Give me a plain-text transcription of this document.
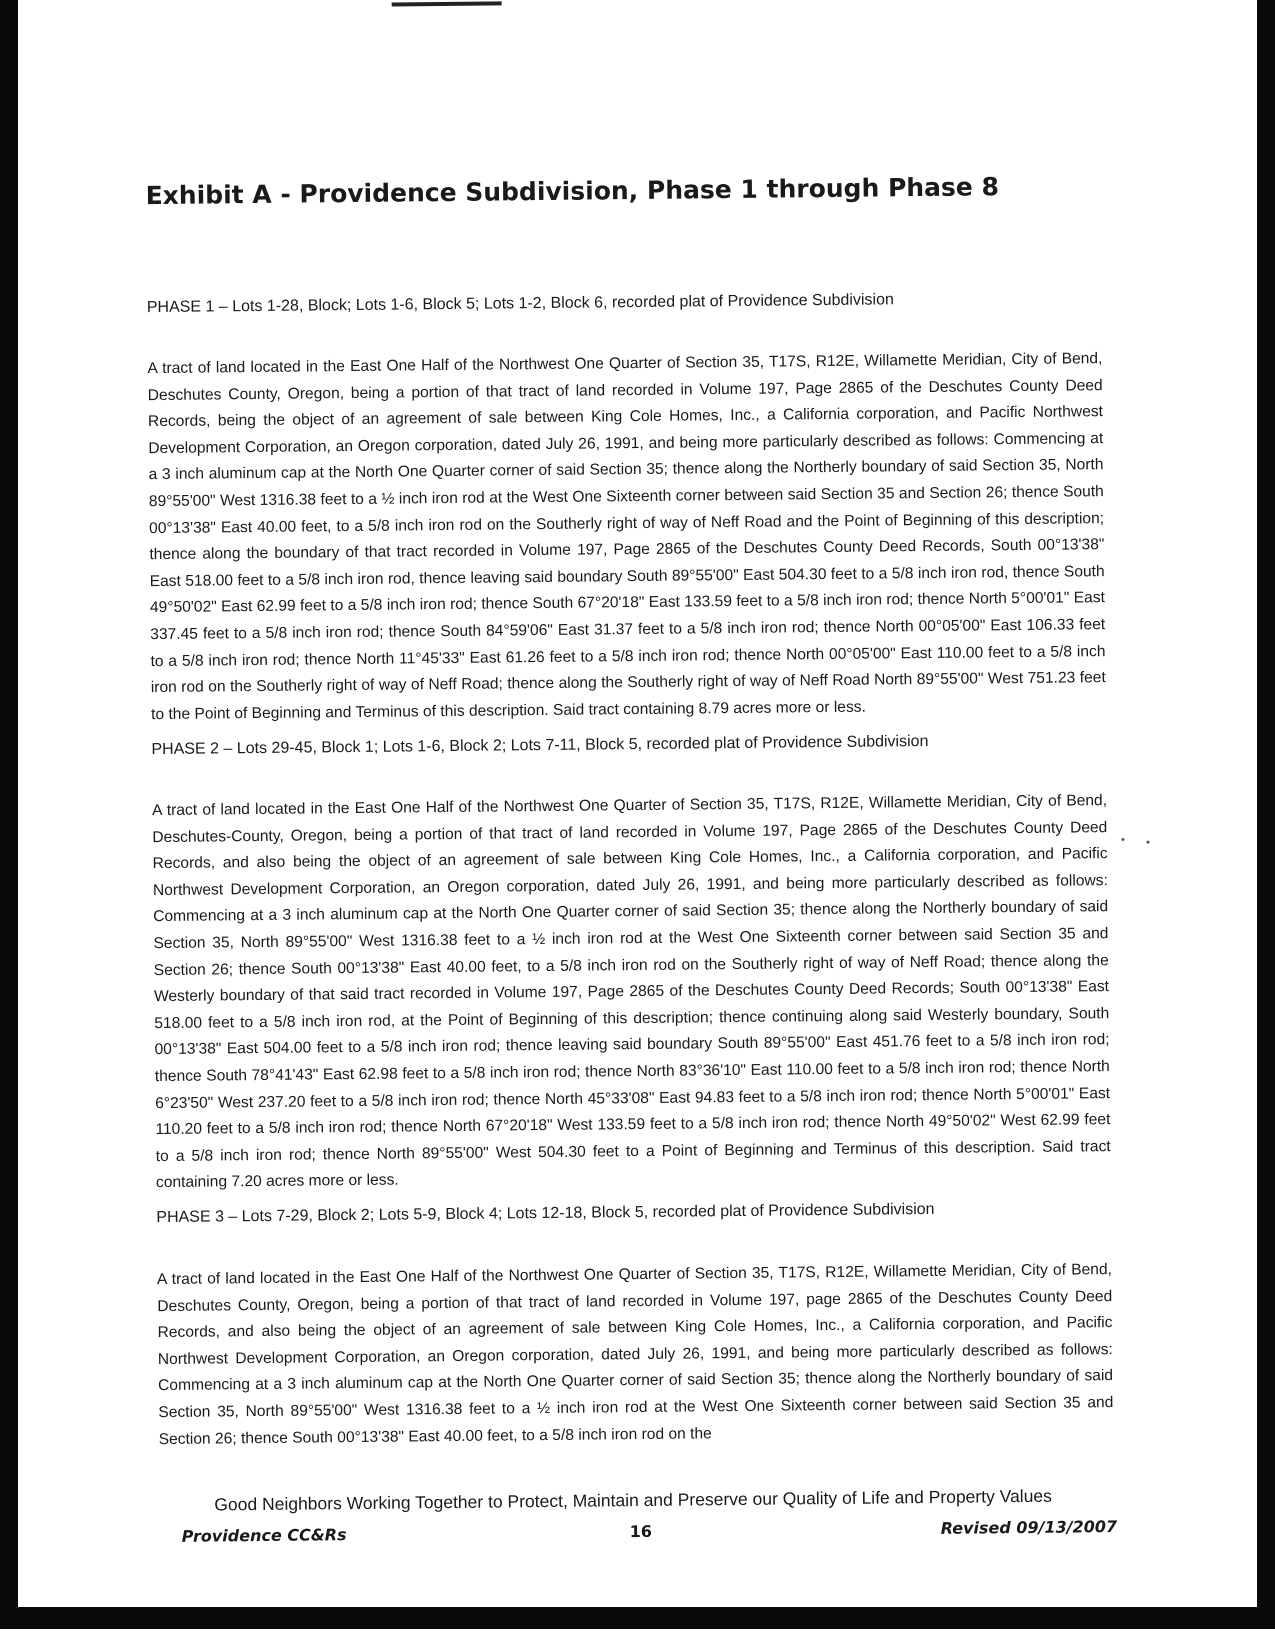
Exhibit A - Providence Subdivision, Phase 1 through Phase 8

PHASE 1 – Lots 1-28, Block; Lots 1-6, Block 5; Lots 1-2, Block 6, recorded plat of Providence Subdivision

A tract of land located in the East One Half of the Northwest One Quarter of Section 35, T17S, R12E, Willamette Meridian, City of Bend, Deschutes County, Oregon, being a portion of that tract of land recorded in Volume 197, Page 2865 of the Deschutes County Deed Records, being the object of an agreement of sale between King Cole Homes, Inc., a California corporation, and Pacific Northwest Development Corporation, an Oregon corporation, dated July 26, 1991, and being more particularly described as follows: Commencing at a 3 inch aluminum cap at the North One Quarter corner of said Section 35; thence along the Northerly boundary of said Section 35, North 89°55'00" West 1316.38 feet to a ½ inch iron rod at the West One Sixteenth corner between said Section 35 and Section 26; thence South 00°13'38" East 40.00 feet, to a 5/8 inch iron rod on the Southerly right of way of Neff Road and the Point of Beginning of this description; thence along the boundary of that tract recorded in Volume 197, Page 2865 of the Deschutes County Deed Records, South 00°13'38" East 518.00 feet to a 5/8 inch iron rod, thence leaving said boundary South 89°55'00" East 504.30 feet to a 5/8 inch iron rod, thence South 49°50'02" East 62.99 feet to a 5/8 inch iron rod; thence South 67°20'18" East 133.59 feet to a 5/8 inch iron rod; thence North 5°00'01" East 337.45 feet to a 5/8 inch iron rod; thence South 84°59'06" East 31.37 feet to a 5/8 inch iron rod; thence North 00°05'00" East 106.33 feet to a 5/8 inch iron rod; thence North 11°45'33" East 61.26 feet to a 5/8 inch iron rod; thence North 00°05'00" East 110.00 feet to a 5/8 inch iron rod on the Southerly right of way of Neff Road; thence along the Southerly right of way of Neff Road North 89°55'00" West 751.23 feet to the Point of Beginning and Terminus of this description. Said tract containing 8.79 acres more or less.

PHASE 2 – Lots 29-45, Block 1; Lots 1-6, Block 2; Lots 7-11, Block 5, recorded plat of Providence Subdivision

A tract of land located in the East One Half of the Northwest One Quarter of Section 35, T17S, R12E, Willamette Meridian, City of Bend, Deschutes-County, Oregon, being a portion of that tract of land recorded in Volume 197, Page 2865 of the Deschutes County Deed Records, and also being the object of an agreement of sale between King Cole Homes, Inc., a California corporation, and Pacific Northwest Development Corporation, an Oregon corporation, dated July 26, 1991, and being more particularly described as follows: Commencing at a 3 inch aluminum cap at the North One Quarter corner of said Section 35; thence along the Northerly boundary of said Section 35, North 89°55'00" West 1316.38 feet to a ½ inch iron rod at the West One Sixteenth corner between said Section 35 and Section 26; thence South 00°13'38" East 40.00 feet, to a 5/8 inch iron rod on the Southerly right of way of Neff Road; thence along the Westerly boundary of that said tract recorded in Volume 197, Page 2865 of the Deschutes County Deed Records; South 00°13'38" East 518.00 feet to a 5/8 inch iron rod, at the Point of Beginning of this description; thence continuing along said Westerly boundary, South 00°13'38" East 504.00 feet to a 5/8 inch iron rod; thence leaving said boundary South 89°55'00" East 451.76 feet to a 5/8 inch iron rod; thence South 78°41'43" East 62.98 feet to a 5/8 inch iron rod; thence North 83°36'10" East 110.00 feet to a 5/8 inch iron rod; thence North 6°23'50" West 237.20 feet to a 5/8 inch iron rod; thence North 45°33'08" East 94.83 feet to a 5/8 inch iron rod; thence North 5°00'01" East 110.20 feet to a 5/8 inch iron rod; thence North 67°20'18" West 133.59 feet to a 5/8 inch iron rod; thence North 49°50'02" West 62.99 feet to a 5/8 inch iron rod; thence North 89°55'00" West 504.30 feet to a Point of Beginning and Terminus of this description. Said tract containing 7.20 acres more or less.

PHASE 3 – Lots 7-29, Block 2; Lots 5-9, Block 4; Lots 12-18, Block 5, recorded plat of Providence Subdivision

A tract of land located in the East One Half of the Northwest One Quarter of Section 35, T17S, R12E, Willamette Meridian, City of Bend, Deschutes County, Oregon, being a portion of that tract of land recorded in Volume 197, page 2865 of the Deschutes County Deed Records, and also being the object of an agreement of sale between King Cole Homes, Inc., a California corporation, and Pacific Northwest Development Corporation, an Oregon corporation, dated July 26, 1991, and being more particularly described as follows: Commencing at a 3 inch aluminum cap at the North One Quarter corner of said Section 35; thence along the Northerly boundary of said Section 35, North 89°55'00" West 1316.38 feet to a ½ inch iron rod at the West One Sixteenth corner between said Section 35 and Section 26; thence South 00°13'38" East 40.00 feet, to a 5/8 inch iron rod on the

Good Neighbors Working Together to Protect, Maintain and Preserve our Quality of Life and Property Values
Providence CC&Rs	16	Revised 09/13/2007
